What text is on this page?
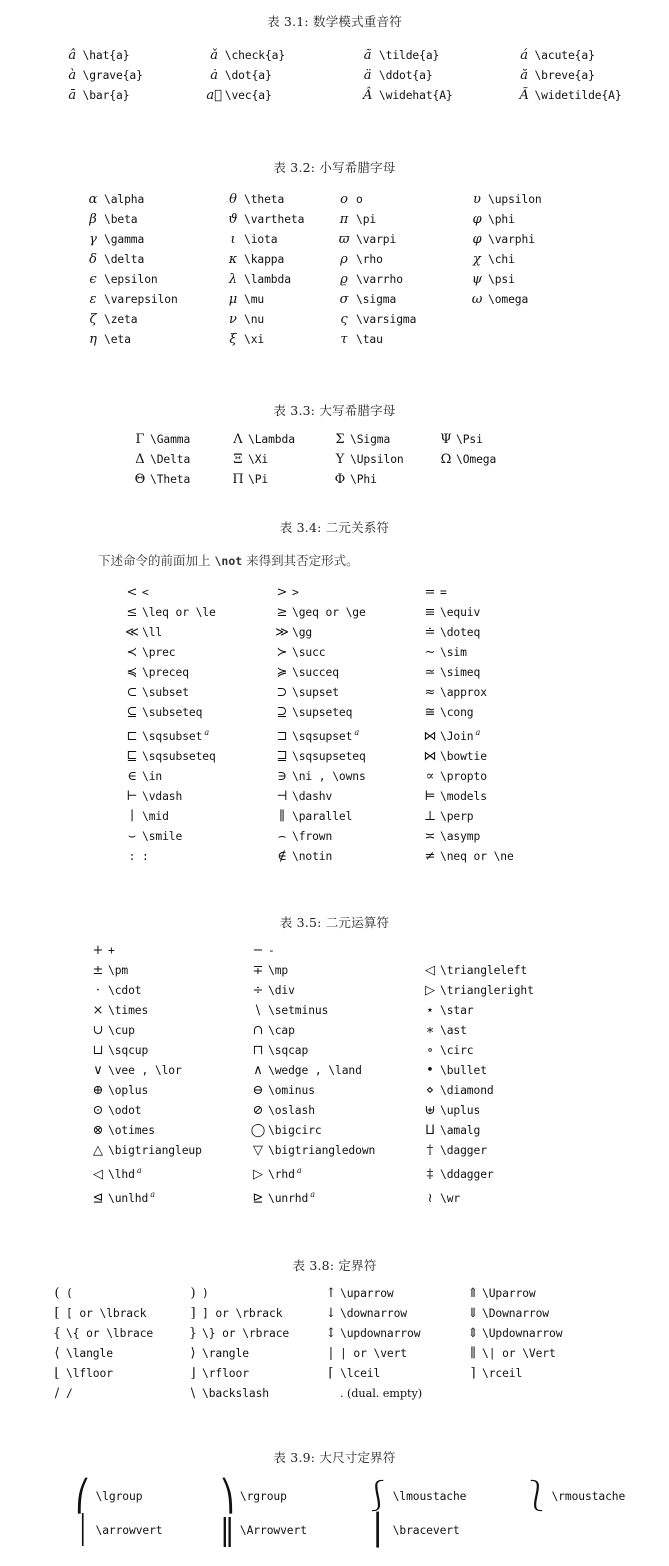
表 3.1: 数学模式重音符
â	\hat{a}	ǎ	\check{a}	ã	\tilde{a}	á	\acute{a}
à	\grave{a}	ȧ	\dot{a}	ä	\ddot{a}	ă	\breve{a}
ā	\bar{a}	a⃗	\vec{a}	Â	\widehat{A}	Ã	\widetilde{A}
表 3.2: 小写希腊字母
α	\alpha	θ	\theta	o	o	υ	\upsilon
β	\beta	ϑ	\vartheta	π	\pi	φ	\phi
γ	\gamma	ι	\iota	ϖ	\varpi	φ	\varphi
δ	\delta	κ	\kappa	ρ	\rho	χ	\chi
ϵ	\epsilon	λ	\lambda	ϱ	\varrho	ψ	\psi
ε	\varepsilon	μ	\mu	σ	\sigma	ω	\omega
ζ	\zeta	ν	\nu	ς	\varsigma		
η	\eta	ξ	\xi	τ	\tau		
表 3.3: 大写希腊字母
Γ	\Gamma	Λ	\Lambda	Σ	\Sigma	Ψ	\Psi
Δ	\Delta	Ξ	\Xi	Υ	\Upsilon	Ω	\Omega
Θ	\Theta	Π	\Pi	Φ	\Phi		
表 3.4: 二元关系符
下述命令的前面加上 \not 来得到其否定形式。
<	<	>	>	=	=
≤	\leq or \le	≥	\geq or \ge	≡	\equiv
≪	\ll	≫	\gg	≐	\doteq
≺	\prec	≻	\succ	∼	\sim
≼	\preceq	≽	\succeq	≃	\simeq
⊂	\subset	⊃	\supset	≈	\approx
⊆	\subseteq	⊇	\supseteq	≅	\cong
⊏	\sqsubset $^a$	⊐	\sqsupset $^a$	⋈	\Join $^a$
⊑	\sqsubseteq	⊒	\sqsupseteq	⋈	\bowtie
∈	\in	∋	\ni , \owns	∝	\propto
⊢	\vdash	⊣	\dashv	⊨	\models
∣	\mid	∥	\parallel	⊥	\perp
⌣	\smile	⌢	\frown	≍	\asymp
:	:	∉	\notin	≠	\neq or \ne
表 3.5: 二元运算符
+	+	−	-		
±	\pm	∓	\mp	◁	\triangleleft
·	\cdot	÷	\div	▷	\triangleright
×	\times	\	\setminus	⋆	\star
∪	\cup	∩	\cap	∗	\ast
⊔	\sqcup	⊓	\sqcap	∘	\circ
∨	\vee , \lor	∧	\wedge , \land	•	\bullet
⊕	\oplus	⊖	\ominus	⋄	\diamond
⊙	\odot	⊘	\oslash	⊎	\uplus
⊗	\otimes	◯	\bigcirc	⨿	\amalg
△	\bigtriangleup	▽	\bigtriangledown	†	\dagger
◁	\lhd $^a$	▷	\rhd $^a$	‡	\ddagger
⊴	\unlhd $^a$	⊵	\unrhd $^a$	≀	\wr
表 3.8: 定界符
(	(	)	)	↑	\uparrow	⇑	\Uparrow
[	[ or \lbrack	]	] or \rbrack	↓	\downarrow	⇓	\Downarrow
{	\{ or \lbrace	}	\} or \rbrace	↕	\updownarrow	⇕	\Updownarrow
⟨	\langle	⟩	\rangle	|	| or \vert	∥	\| or \Vert
⌊	\lfloor	⌋	\rfloor	⌈	\lceil	⌉	\rceil
/	/	\	\backslash		. (dual. empty)		
表 3.9: 大尺寸定界符
⎛	\lgroup	⎞	\rgroup	⎰	\lmoustache	⎱	\rmoustache
⏐	\arrowvert	‖	\Arrowvert	⎪	\bracevert		
